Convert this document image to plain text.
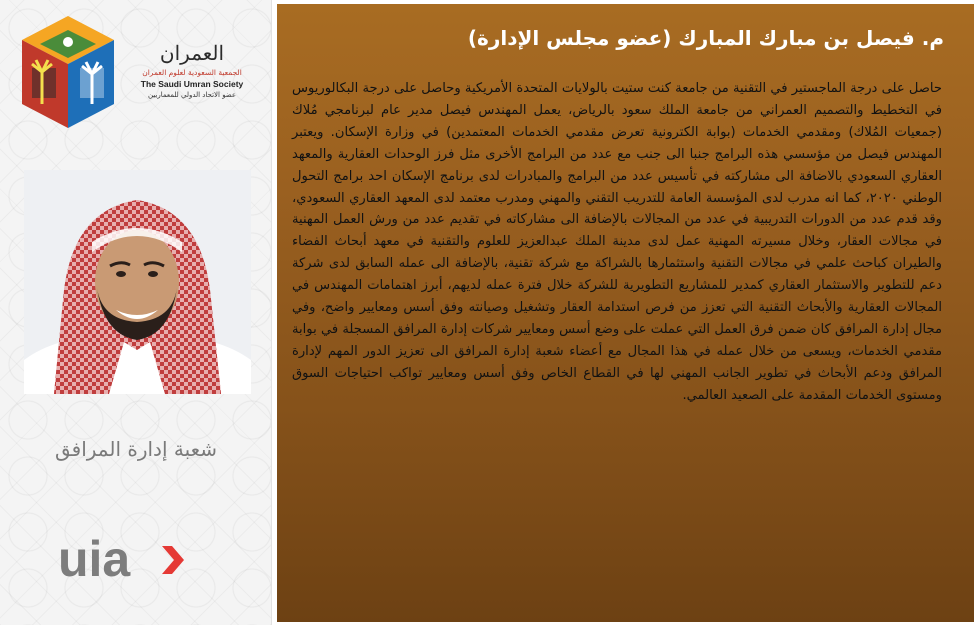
العمران
الجمعية السعودية لعلوم العمران
The Saudi Umran Society
عضو الاتحاد الدولي للمعماريين
شعبة إدارة المرافق
uia
م. فيصل بن مبارك المبارك (عضو مجلس الإدارة)
حاصل على درجة الماجستير في التقنية من جامعة كنت ستيت بالولايات المتحدة الأمريكية وحاصل على درجة البكالوريوس في التخطيط والتصميم العمراني من جامعة الملك سعود بالرياض، يعمل المهندس فيصل مدير عام لبرنامجي مُلاك (جمعيات المُلاك) ومقدمي الخدمات (بوابة الكترونية تعرض مقدمي الخدمات المعتمدين) في وزارة الإسكان. ويعتبر المهندس فيصل من مؤسسي هذه البرامج جنبا الى جنب مع عدد من البرامج الأخرى مثل فرز الوحدات العقارية والمعهد العقاري السعودي بالاضافة الى مشاركته في تأسيس عدد من البرامج والمبادرات لدى برنامج الإسكان احد برامج التحول الوطني ٢٠٢٠، كما انه مدرب لدى المؤسسة العامة للتدريب التقني والمهني ومدرب معتمد لدى المعهد العقاري السعودي، وقد قدم عدد من الدورات التدريبية في عدد من المجالات بالإضافة الى مشاركاته في تقديم عدد من ورش العمل المهنية في مجالات العقار، وخلال مسيرته المهنية عمل لدى مدينة الملك عبدالعزيز للعلوم والتقنية في معهد أبحاث الفضاء والطيران كباحث علمي في مجالات التقنية واستثمارها بالشراكة مع شركة تقنية، بالإضافة الى عمله السابق لدى شركة دعم للتطوير والاستثمار العقاري كمدير للمشاريع التطويرية للشركة خلال فترة عمله لديهم، أبرز اهتمامات المهندس في المجالات العقارية والأبحاث التقنية التي تعزز من فرص استدامة العقار وتشغيل وصيانته وفق أسس ومعايير واضح، وفي مجال إدارة المرافق كان ضمن فرق العمل التي عملت على وضع أسس ومعايير شركات إدارة المرافق المسجلة في بوابة مقدمي الخدمات، ويسعى من خلال عمله في هذا المجال مع أعضاء شعبة إدارة المرافق الى تعزيز الدور المهم لإدارة المرافق ودعم الأبحاث في تطوير الجانب المهني لها في القطاع الخاص وفق أسس ومعايير تواكب احتياجات السوق ومستوى الخدمات المقدمة على الصعيد العالمي.
